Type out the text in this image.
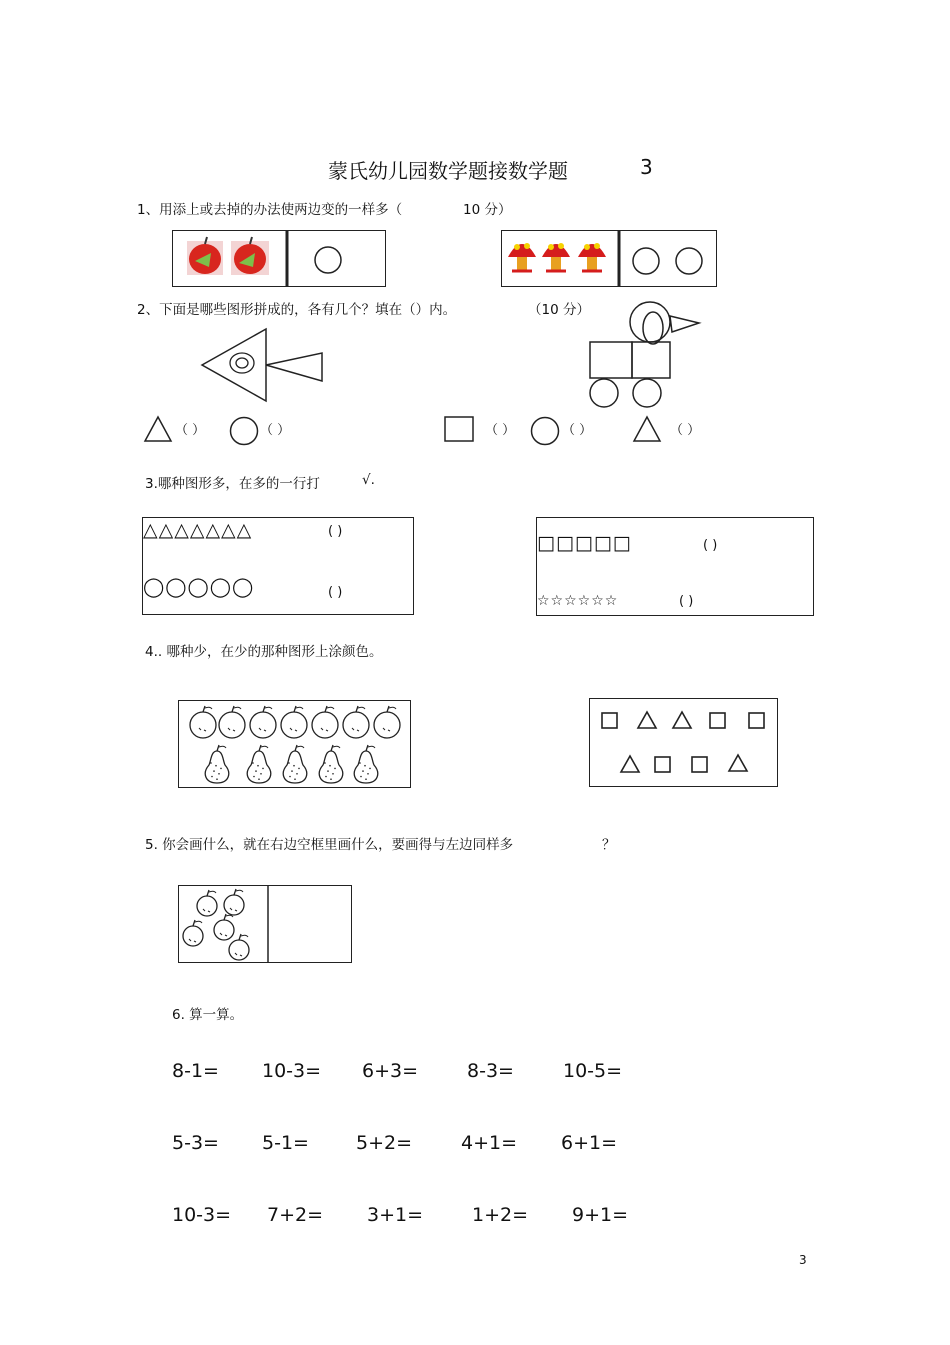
蒙氏幼儿园数学题接数学题	3
1、用添上或去掉的办法使两边变的一样多（	10 分）
2、下面是哪些图形拼成的，各有几个？填在（）内。	（10 分）
（ ）	（ ）	（ ）	（ ）	（ ）
3.哪种图形多，在多的一行打	√.
△△△△△△△	( )
◯◯◯◯◯	( )
□□□□□	( )
☆☆☆☆☆☆	( )
4.. 哪种少，在少的那种图形上涂颜色。
5. 你会画什么，就在右边空框里画什么，要画得与左边同样多	？
6. 算一算。
8-1= 10-3= 6+3=	8-3=	10-5=
5-3= 5-1= 5+2=	4+1= 6+1=
10-3= 7+2= 3+1=	1+2= 9+1=
3
